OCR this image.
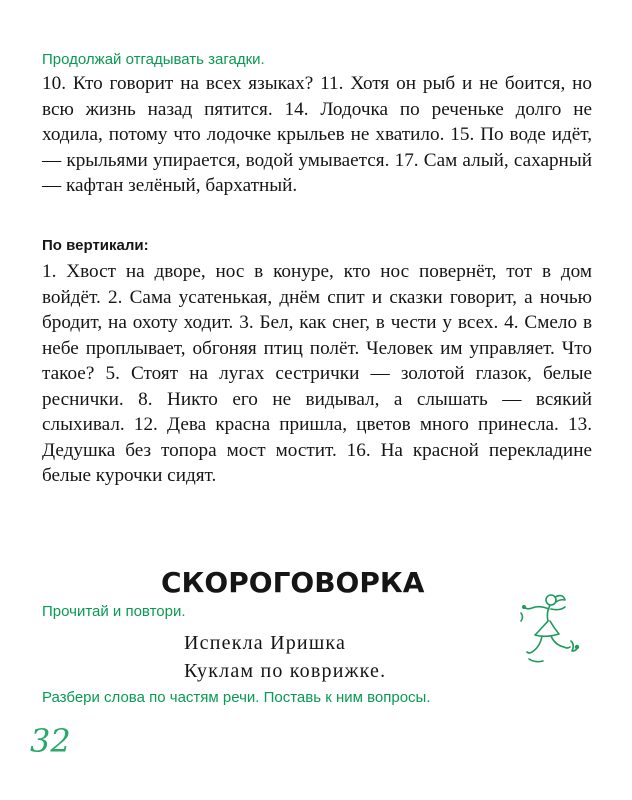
Продолжай отгадывать загадки.
10. Кто говорит на всех языках? 11. Хотя он рыб и не боится, но всю жизнь назад пятится. 14. Лодочка по реченьке долго не ходила, потому что лодочке крыльев не хватило. 15. По воде идёт, — крыльями упирается, водой умывается. 17. Сам алый, сахарный — кафтан зелёный, бархатный.
По вертикали:
1. Хвост на дворе, нос в конуре, кто нос повернёт, тот в дом войдёт. 2. Сама усатенькая, днём спит и сказки говорит, а ночью бродит, на охоту ходит. 3. Бел, как снег, в чести у всех. 4. Смело в небе проплывает, обгоняя птиц полёт. Человек им управляет. Что такое? 5. Стоят на лугах сестрички — золотой глазок, белые реснички. 8. Никто его не видывал, а слышать — всякий слыхивал. 12. Дева красна пришла, цветов много принесла. 13. Дедушка без топора мост мостит. 16. На красной перекладине белые курочки сидят.
СКОРОГОВОРКА
Прочитай и повтори.
Испекла Иришка
Куклам по коврижке.
Разбери слова по частям речи. Поставь к ним вопросы.
32
